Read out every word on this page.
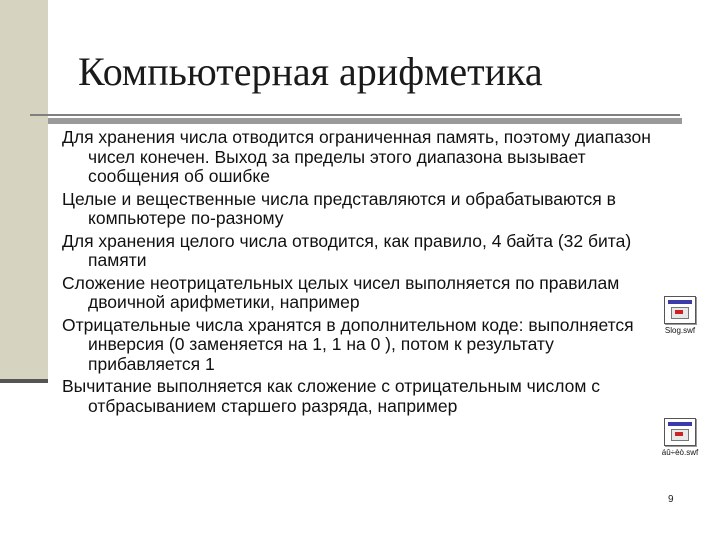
Компьютерная арифметика
Для хранения числа отводится ограниченная память, поэтому диапазон чисел конечен. Выход за пределы этого диапазона вызывает сообщения об ошибке
Целые и вещественные числа представляются и обрабатываются в компьютере по-разному
Для хранения целого числа отводится, как правило, 4 байта (32 бита) памяти
Сложение неотрицательных целых чисел выполняется по правилам двоичной арифметики, например
Отрицательные числа хранятся в дополнительном коде: выполняется инверсия (0 заменяется на 1, 1 на 0 ), потом к результату прибавляется 1
Вычитание выполняется как сложение с отрицательным числом с отбрасыванием старшего разряда, например
Slog.swf
áû÷èò.swf
9
